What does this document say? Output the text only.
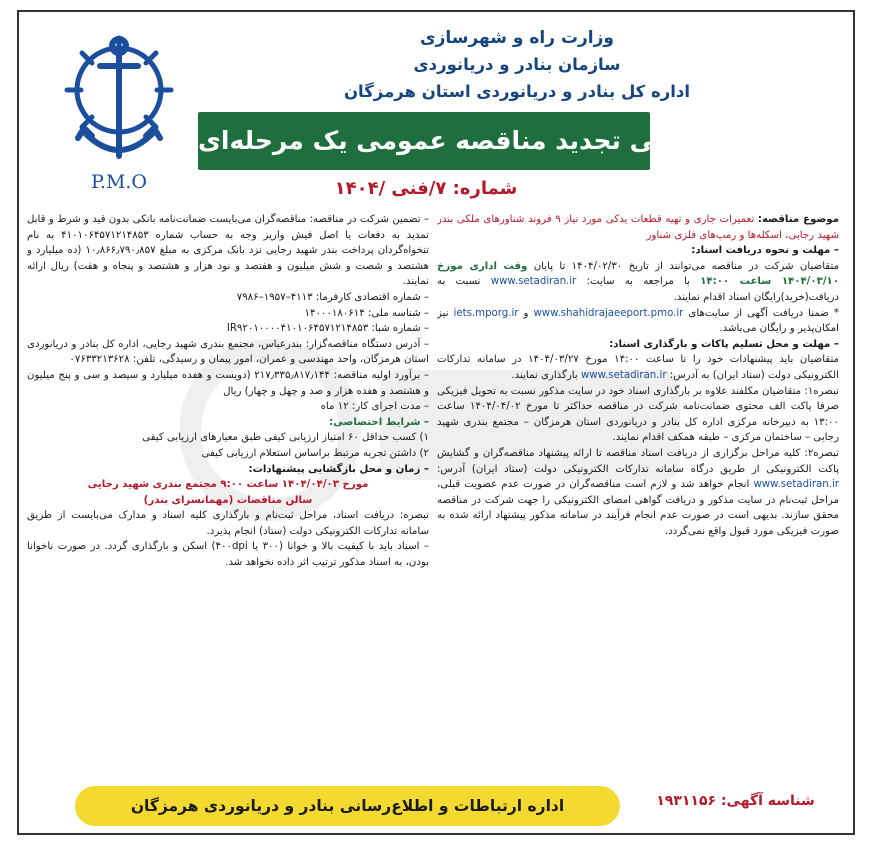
P.M.O
وزارت راه و شهرسازی
سازمان بنادر و دریانوردی
اداره کل بنادر و دریانوردی استان هرمزگان
آگهی تجدید مناقصه عمومی یک مرحله‌ای
شماره: ۷/فنی /۱۴۰۴

موضوع مناقصه: تعمیرات جاری و تهیه قطعات یدکی مورد نیاز ۹ فروند شناورهای ملکی بندر شهید رجایی، اسکله‌ها و رمپ‌های فلزی شناور

– مهلت و نحوه دریافت اسناد:

متقاضیان شرکت در مناقصه می‌توانند از تاریخ ۱۴۰۴/۰۲/۳۰ تا پایان وقت اداری مورخ ۱۴۰۴/۰۳/۱۰ ساعت ۱۴:۰۰ با مراجعه به سایت: www.setadiran.ir نسبت به دریافت(خرید)رایگان اسناد اقدام نمایند.

* ضمنا دریافت آگهی از سایت‌های www.shahidrajaeeport.pmo.ir و iets.mporg.ir نیز امکان‌پذیر و رایگان می‌باشد.

– مهلت و محل تسلیم پاکات و بارگذاری اسناد:

متقاضیان باید پیشنهادات خود را تا ساعت ۱۴:۰۰ مورخ ۱۴۰۴/۰۳/۲۷ در سامانه تدارکات الکترونیکی دولت (ستاد ایران) به آدرس: www.setadiran.ir بارگذاری نمایند.

تبصره۱: متقاضیان مکلفند علاوه بر بارگذاری اسناد خود در سایت مذکور نسبت به تحویل فیزیکی صرفا پاکت الف محتوی ضمانت‌نامه شرکت در مناقصه حداکثر تا مورخ ۱۴۰۴/۰۴/۰۲ ساعت ۱۳:۰۰ به دبیرخانه مرکزی اداره کل بنادر و دریانوردی استان هرمزگان – مجتمع بندری شهید رجایی – ساختمان مرکزی – طبقه همکف اقدام نمایند.

تبصره۲: کلیه مراحل برگزاری از دریافت اسناد مناقصه تا ارائه پیشنهاد مناقصه‌گران و گشایش پاکت الکترونیکی از طریق درگاه سامانه تدارکات الکترونیکی دولت (ستاد ایران) آدرس: www.setadiran.ir انجام خواهد شد و لازم است مناقصه‌گران در صورت عدم عضویت قبلی، مراحل ثبت‌نام در سایت مذکور و دریافت گواهی امضای الکترونیکی را جهت شرکت در مناقصه محقق سازند. بدیهی است در صورت عدم انجام فرآیند در سامانه مذکور پیشنهاد ارائه شده به صورت فیزیکی مورد قبول واقع نمی‌گردد.

– تضمین شرکت در مناقصه: مناقصه‌گران می‌بایست ضمانت‌نامه بانکی بدون قید و شرط و قابل تمدید به دفعات یا اصل فیش واریز وجه به حساب شماره ۴۱۰۱۰۶۴۵۷۱۲۱۴۸۵۳ به نام تنخواه‌گردان پرداخت بندر شهید رجایی نزد بانک مرکزی به مبلغ ۱۰٫۸۶۶٫۷۹۰٫۸۵۷ (ده میلیارد و هشتصد و شصت و شش میلیون و هفتصد و نود هزار و هشتصد و پنجاه و هفت) ریال ارائه نمایند.

– شماره اقتصادی کارفرما: ۴۱۱۳–۱۹۵۷–۷۹۸۶

– شناسه ملی: ۱۴۰۰۰۱۸۰۶۱۴

– شماره شبا: IR۹۲۰۱۰۰۰۰۴۱۰۱۰۶۴۵۷۱۲۱۴۸۵۳

– آدرس دستگاه مناقصه‌گزار: بندرعباس، مجتمع بندری شهید رجایی، اداره کل بنادر و دریانوردی استان هرمزگان، واحد مهندسی و عمران، امور پیمان و رسیدگی، تلفن: ۰۷۶۳۳۲۱۳۶۲۸

– برآورد اولیه مناقصه: ۲۱۷٫۳۳۵٫۸۱۷٫۱۴۴ (دویست و هفده میلیارد و سیصد و سی و پنج میلیون و هشتصد و هفده هزار و صد و چهل و چهار) ریال

– مدت اجرای کار: ۱۲ ماه

– شرایط اختصاصی:

۱) کسب حداقل ۶۰ امتیاز ارزیابی کیفی طبق معیارهای ارزیابی کیفی

۲) داشتن تجربه مرتبط براساس استعلام ارزیابی کیفی

– زمان و محل بازگشایی پیشنهادات:

مورخ ۱۴۰۴/۰۴/۰۳ ساعت ۹:۰۰ مجتمع بندری شهید رجایی

سالن مناقصات (مهمانسرای بندر)

تبصره: دریافت اسناد، مراحل ثبت‌نام و بارگذاری کلیه اسناد و مدارک می‌بایست از طریق سامانه تدارکات الکترونیکی دولت (ستاد) انجام پذیرد.

– اسناد باید با کیفیت بالا و خوانا (۳۰۰ یا ۴۰۰dpi) اسکن و بارگذاری گردد. در صورت ناخوانا بودن، به اسناد مذکور ترتیب اثر داده نخواهد شد.

اداره ارتباطات و اطلاع‌رسانی بنادر و دریانوردی هرمزگان	شناسه آگهی: ۱۹۳۱۱۵۶
